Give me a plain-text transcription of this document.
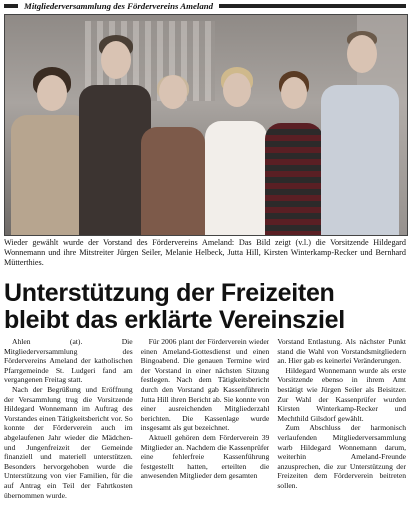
Mitgliederversammlung des Fördervereins Ameland

Wieder gewählt wurde der Vorstand des Fördervereins Ameland: Das Bild zeigt (v.l.) die Vorsitzende Hildegard Wonnemann und ihre Mitstreiter Jürgen Seiler, Melanie Helbeck, Jutta Hill, Kirsten Winterkamp-Recker und Bernhard Mütterthies.

Unterstützung der Freizeiten
bleibt das erklärte Vereinsziel

Ahlen (at). Die Mitgliederversammlung des Fördervereins Ameland der katholischen Pfarrgemeinde St. Ludgeri fand am vergangenen Freitag statt.

Nach der Begrüßung und Eröffnung der Versammlung trug die Vorsitzende Hildegard Wonnemann im Auftrag des Vorstandes einen Tätigkeitsbericht vor. So konnte der Förderverein auch im abgelaufenen Jahr wieder die Mädchen- und Jungenfreizeit der Gemeinde finanziell und materiell unterstützen. Besonders hervorgehoben wurde die Unterstützung von vier Familien, für die auf Antrag ein Teil der Fahrtkosten übernommen wurde.

Für 2006 plant der Förderverein wieder einen Ameland-Gottesdienst und einen Bingoabend. Die genauen Termine wird der Vorstand in einer nächsten Sitzung festlegen. Nach dem Tätigkeitsbericht durch den Vorstand gab Kassenführerin Jutta Hill ihren Bericht ab. Sie konnte von einer ausreichenden Mitgliederzahl berichten. Die Kassenlage wurde insgesamt als gut bezeichnet.

Aktuell gehören dem Förderverein 39 Mitglieder an. Nachdem die Kassenprüfer eine fehlerfreie Kassenführung festgestellt hatten, erteilten die anwesenden Mitglieder dem gesamten

Vorstand Entlastung. Als nächster Punkt stand die Wahl von Vorstandsmitgliedern an. Hier gab es keinerlei Veränderungen.

Hildegard Wonnemann wurde als erste Vorsitzende ebenso in ihrem Amt bestätigt wie Jürgen Seiler als Beisitzer. Zur Wahl der Kassenprüfer wurden Kirsten Winterkamp-Recker und Mechthild Gilsdorf gewählt.

Zum Abschluss der harmonisch verlaufenden Mitgliederversammlung warb Hildegard Wonnemann darum, weiterhin Ameland-Freunde anzusprechen, die zur Unterstützung der Freizeiten dem Förderverein beitreten sollen.
